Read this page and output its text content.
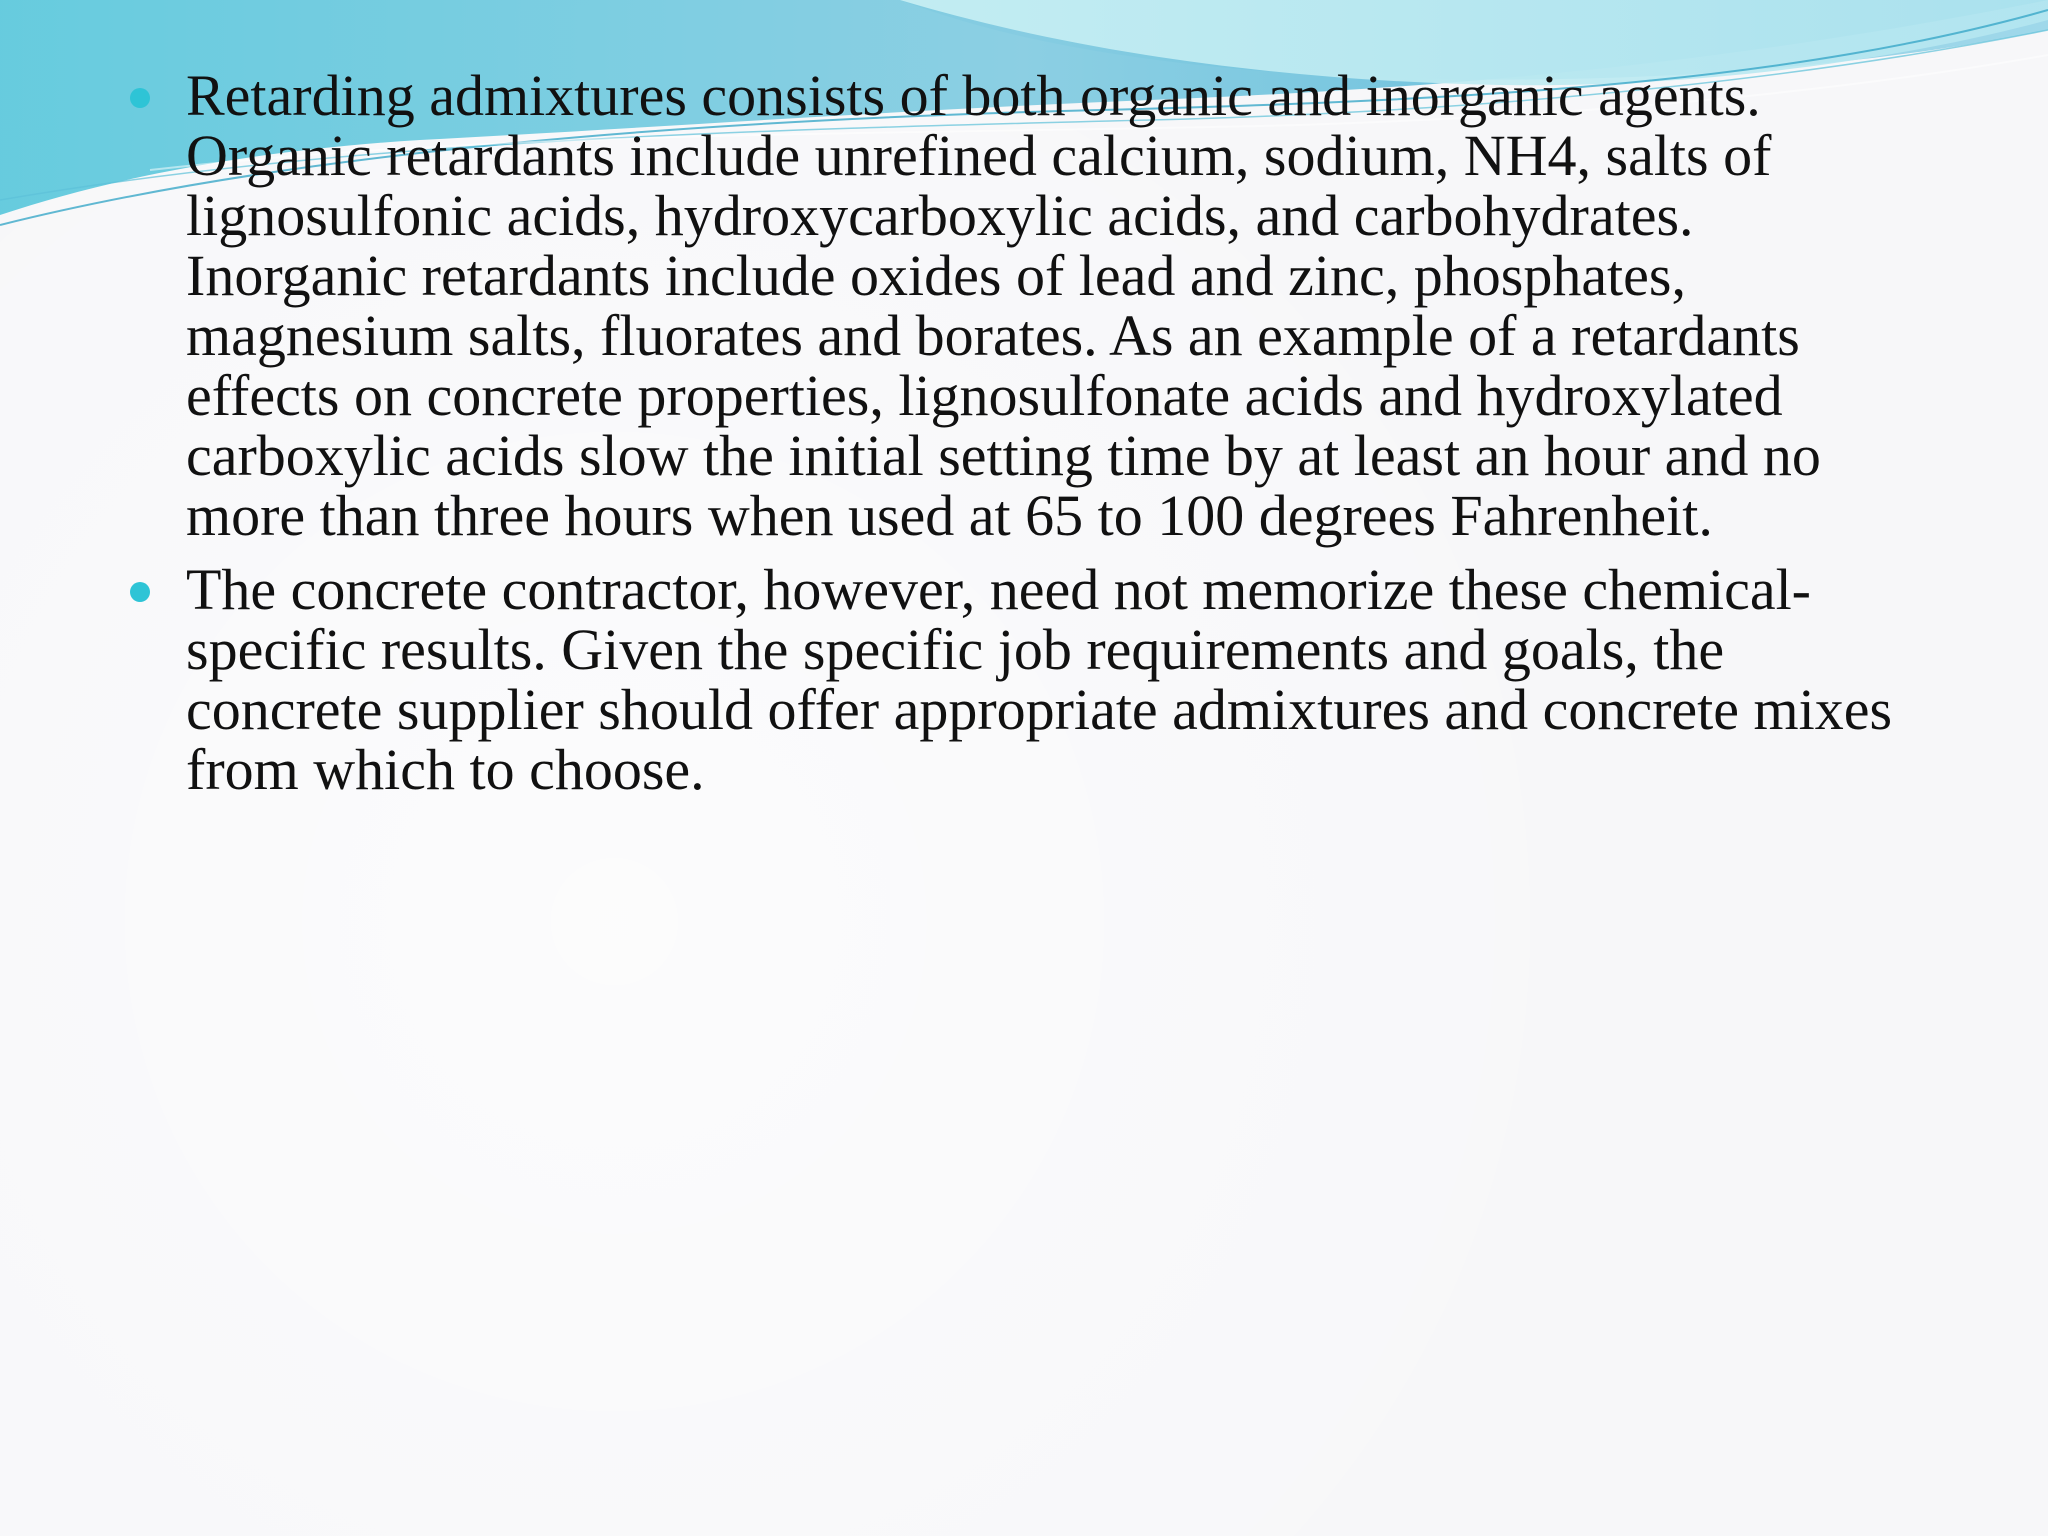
Retarding admixtures consists of both organic and inorganic agents. Organic retardants include unrefined calcium, sodium, NH4, salts of lignosulfonic acids, hydroxycarboxylic acids, and carbohydrates. Inorganic retardants include oxides of lead and zinc, phosphates, magnesium salts, fluorates and borates. As an example of a retardants effects on concrete properties, lignosulfonate acids and hydroxylated carboxylic acids slow the initial setting time by at least an hour and no more than three hours when used at 65 to 100 degrees Fahrenheit.
The concrete contractor, however, need not memorize these chemical-specific results. Given the specific job requirements and goals, the concrete supplier should offer appropriate admixtures and concrete mixes from which to choose.
